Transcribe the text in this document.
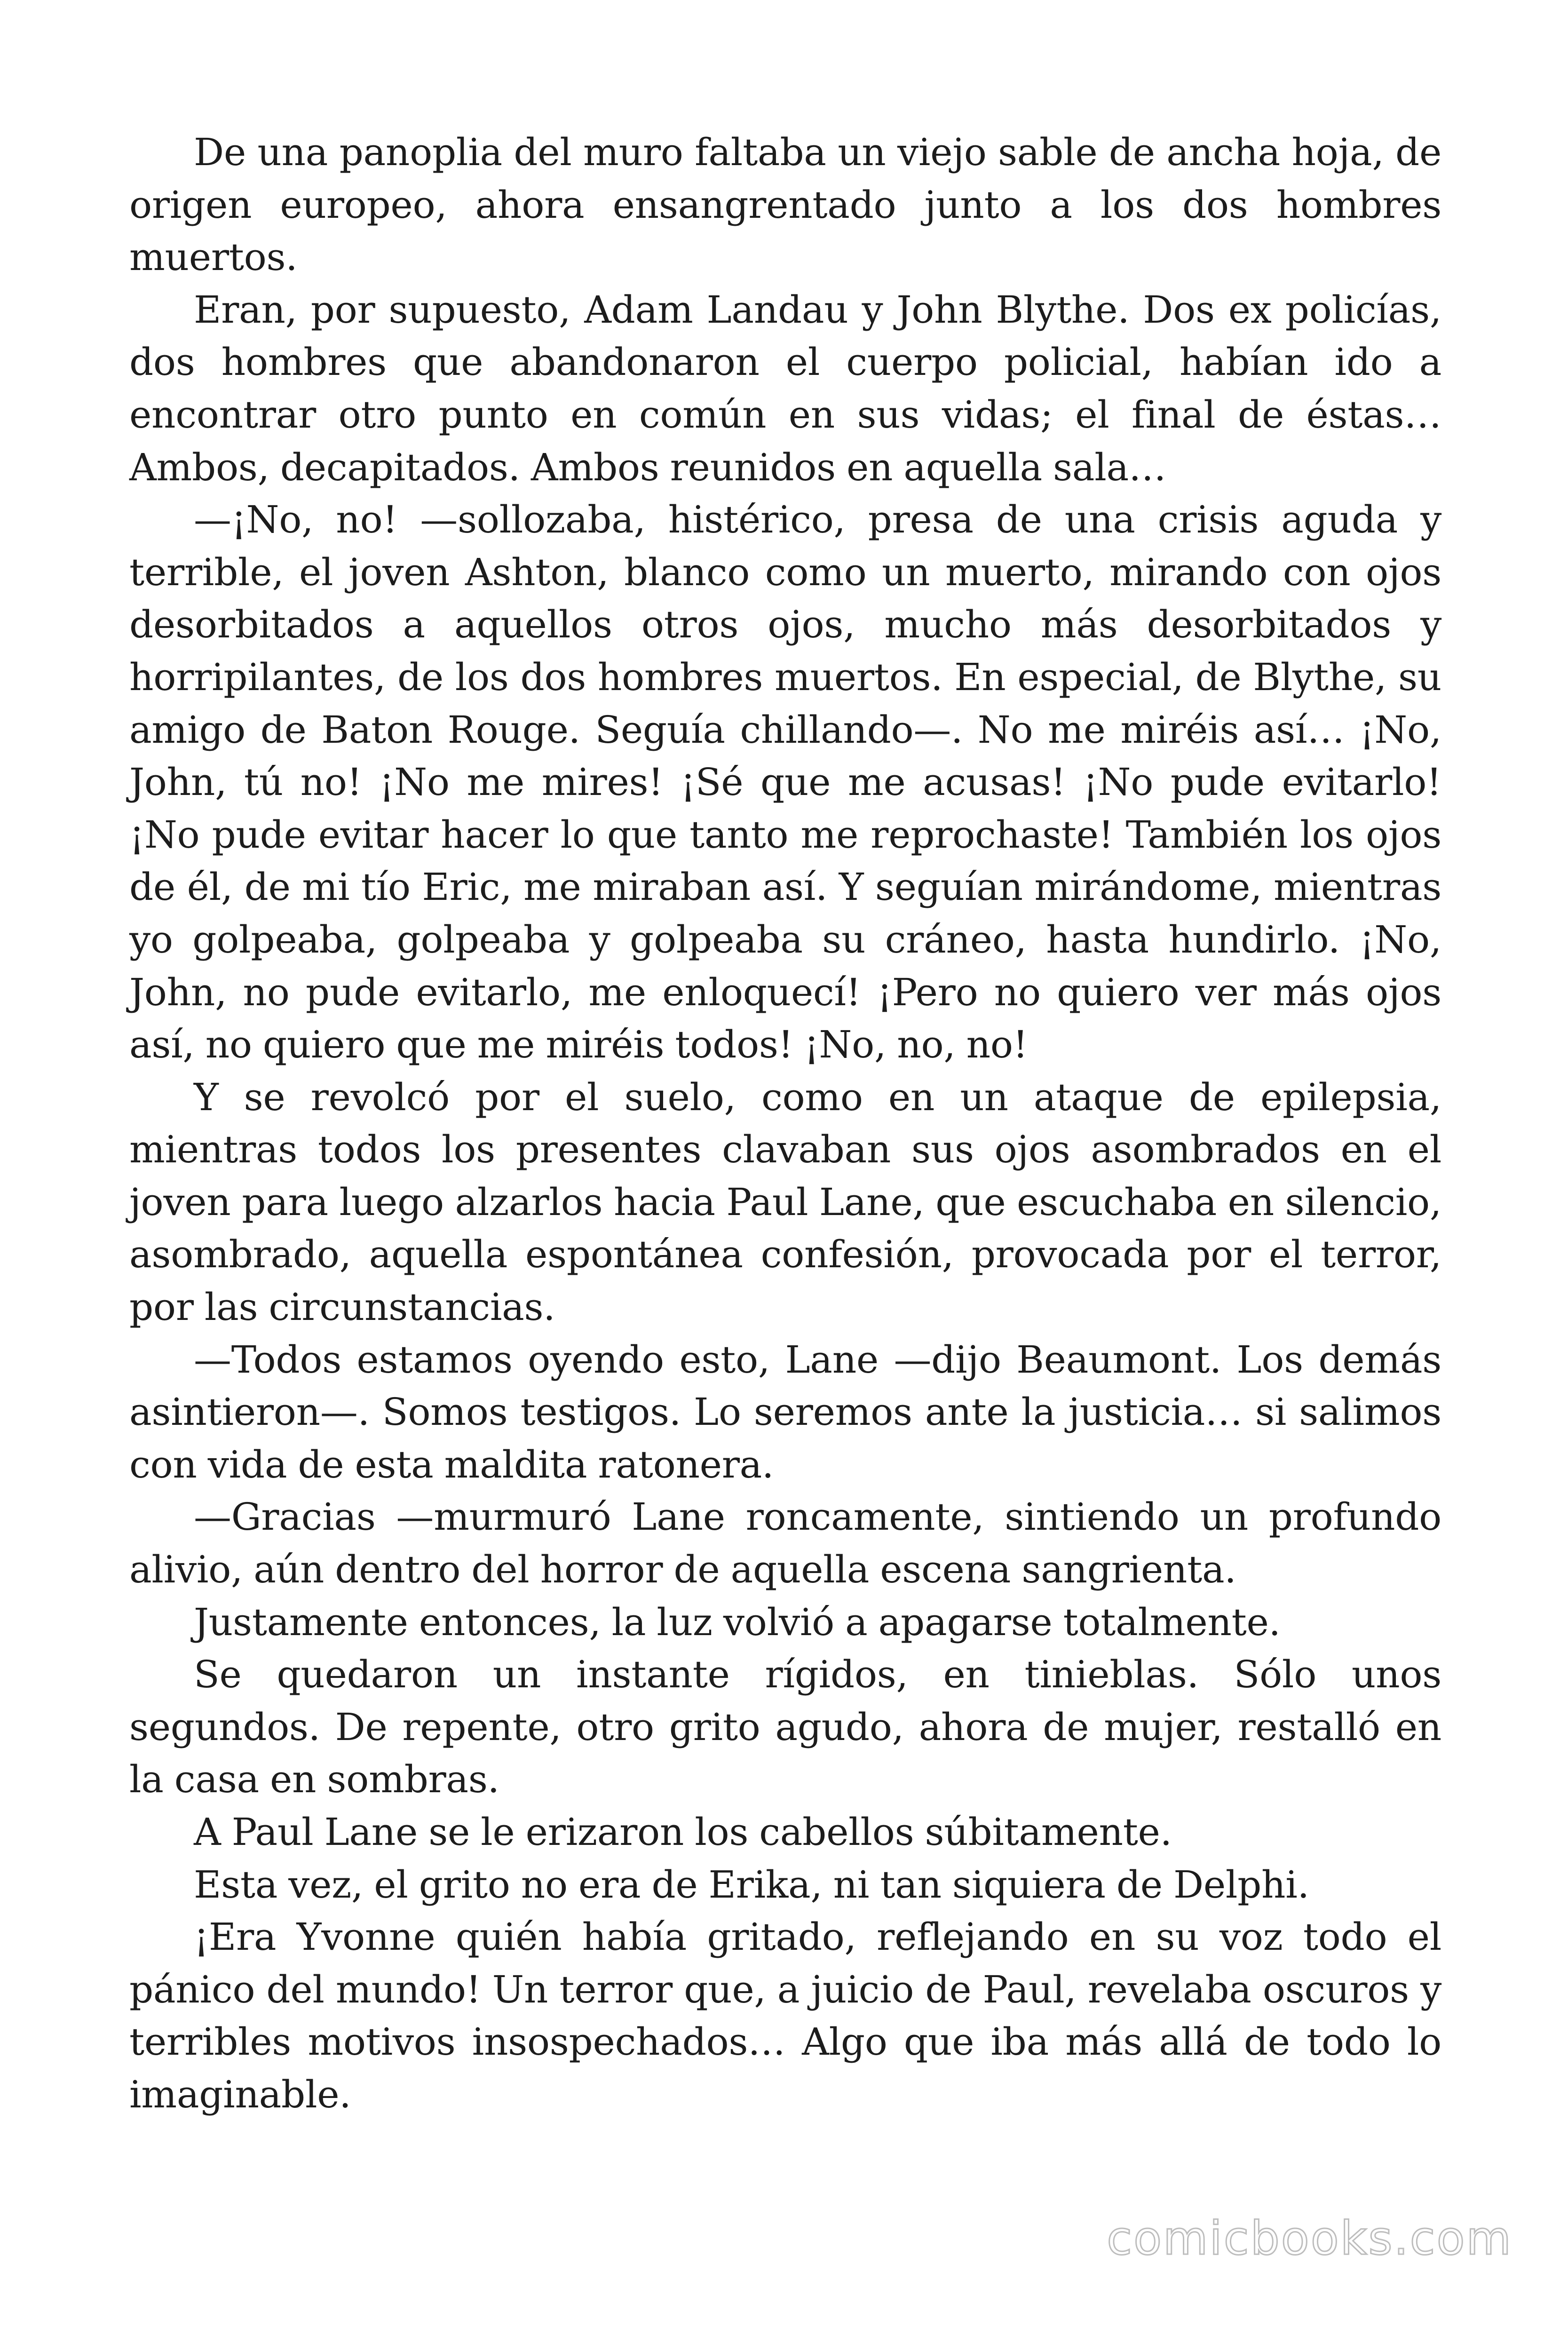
De una panoplia del muro faltaba un viejo sable de ancha hoja, de origen europeo, ahora ensangrentado junto a los dos hombres muertos.

Eran, por supuesto, Adam Landau y John Blythe. Dos ex policías, dos hombres que abandonaron el cuerpo policial, habían ido a encontrar otro punto en común en sus vidas; el final de éstas… Ambos, decapitados. Ambos reunidos en aquella sala…

—¡No, no! —sollozaba, histérico, presa de una crisis aguda y terrible, el joven Ashton, blanco como un muerto, mirando con ojos desorbitados a aquellos otros ojos, mucho más desorbitados y horripilantes, de los dos hombres muertos. En especial, de Blythe, su amigo de Baton Rouge. Seguía chillando—. No me miréis así… ¡No, John, tú no! ¡No me mires! ¡Sé que me acusas! ¡No pude evitarlo! ¡No pude evitar hacer lo que tanto me reprochaste! También los ojos de él, de mi tío Eric, me miraban así. Y seguían mirándome, mientras yo golpeaba, golpeaba y golpeaba su cráneo, hasta hundirlo. ¡No, John, no pude evitarlo, me enloquecí! ¡Pero no quiero ver más ojos así, no quiero que me miréis todos! ¡No, no, no!

Y se revolcó por el suelo, como en un ataque de epilepsia, mientras todos los presentes clavaban sus ojos asombrados en el joven para luego alzarlos hacia Paul Lane, que escuchaba en silencio, asombrado, aquella espontánea confesión, provocada por el terror, por las circunstancias.

—Todos estamos oyendo esto, Lane —dijo Beaumont. Los demás asintieron—. Somos testigos. Lo seremos ante la justicia… si salimos con vida de esta maldita ratonera.

—Gracias —murmuró Lane roncamente, sintiendo un profundo alivio, aún dentro del horror de aquella escena sangrienta.

Justamente entonces, la luz volvió a apagarse totalmente.

Se quedaron un instante rígidos, en tinieblas. Sólo unos segundos. De repente, otro grito agudo, ahora de mujer, restalló en la casa en sombras.

A Paul Lane se le erizaron los cabellos súbitamente.

Esta vez, el grito no era de Erika, ni tan siquiera de Delphi.

¡Era Yvonne quién había gritado, reflejando en su voz todo el pánico del mundo! Un terror que, a juicio de Paul, revelaba oscuros y terribles motivos insospechados… Algo que iba más allá de todo lo imaginable.

comicbooks.com
